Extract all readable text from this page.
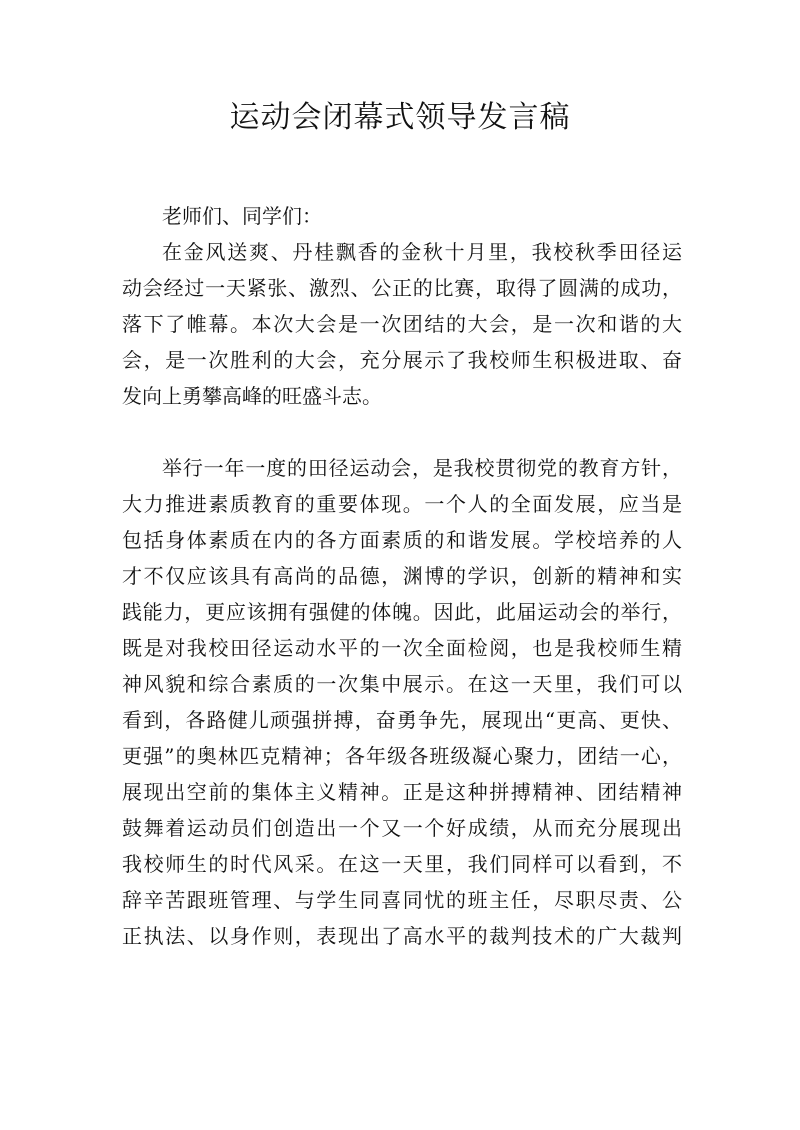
运动会闭幕式领导发言稿
老师们、同学们：
在金风送爽、丹桂飘香的金秋十月里，我校秋季田径运
动会经过一天紧张、激烈、公正的比赛，取得了圆满的成功，
落下了帷幕。本次大会是一次团结的大会，是一次和谐的大
会，是一次胜利的大会，充分展示了我校师生积极进取、奋
发向上勇攀高峰的旺盛斗志。
举行一年一度的田径运动会，是我校贯彻党的教育方针，
大力推进素质教育的重要体现。一个人的全面发展，应当是
包括身体素质在内的各方面素质的和谐发展。学校培养的人
才不仅应该具有高尚的品德，渊博的学识，创新的精神和实
践能力，更应该拥有强健的体魄。因此，此届运动会的举行，
既是对我校田径运动水平的一次全面检阅，也是我校师生精
神风貌和综合素质的一次集中展示。在这一天里，我们可以
看到，各路健儿顽强拼搏，奋勇争先，展现出“更高、更快、
更强”的奥林匹克精神；各年级各班级凝心聚力，团结一心，
展现出空前的集体主义精神。正是这种拼搏精神、团结精神
鼓舞着运动员们创造出一个又一个好成绩，从而充分展现出
我校师生的时代风采。在这一天里，我们同样可以看到，不
辞辛苦跟班管理、与学生同喜同忧的班主任，尽职尽责、公
正执法、以身作则，表现出了高水平的裁判技术的广大裁判
